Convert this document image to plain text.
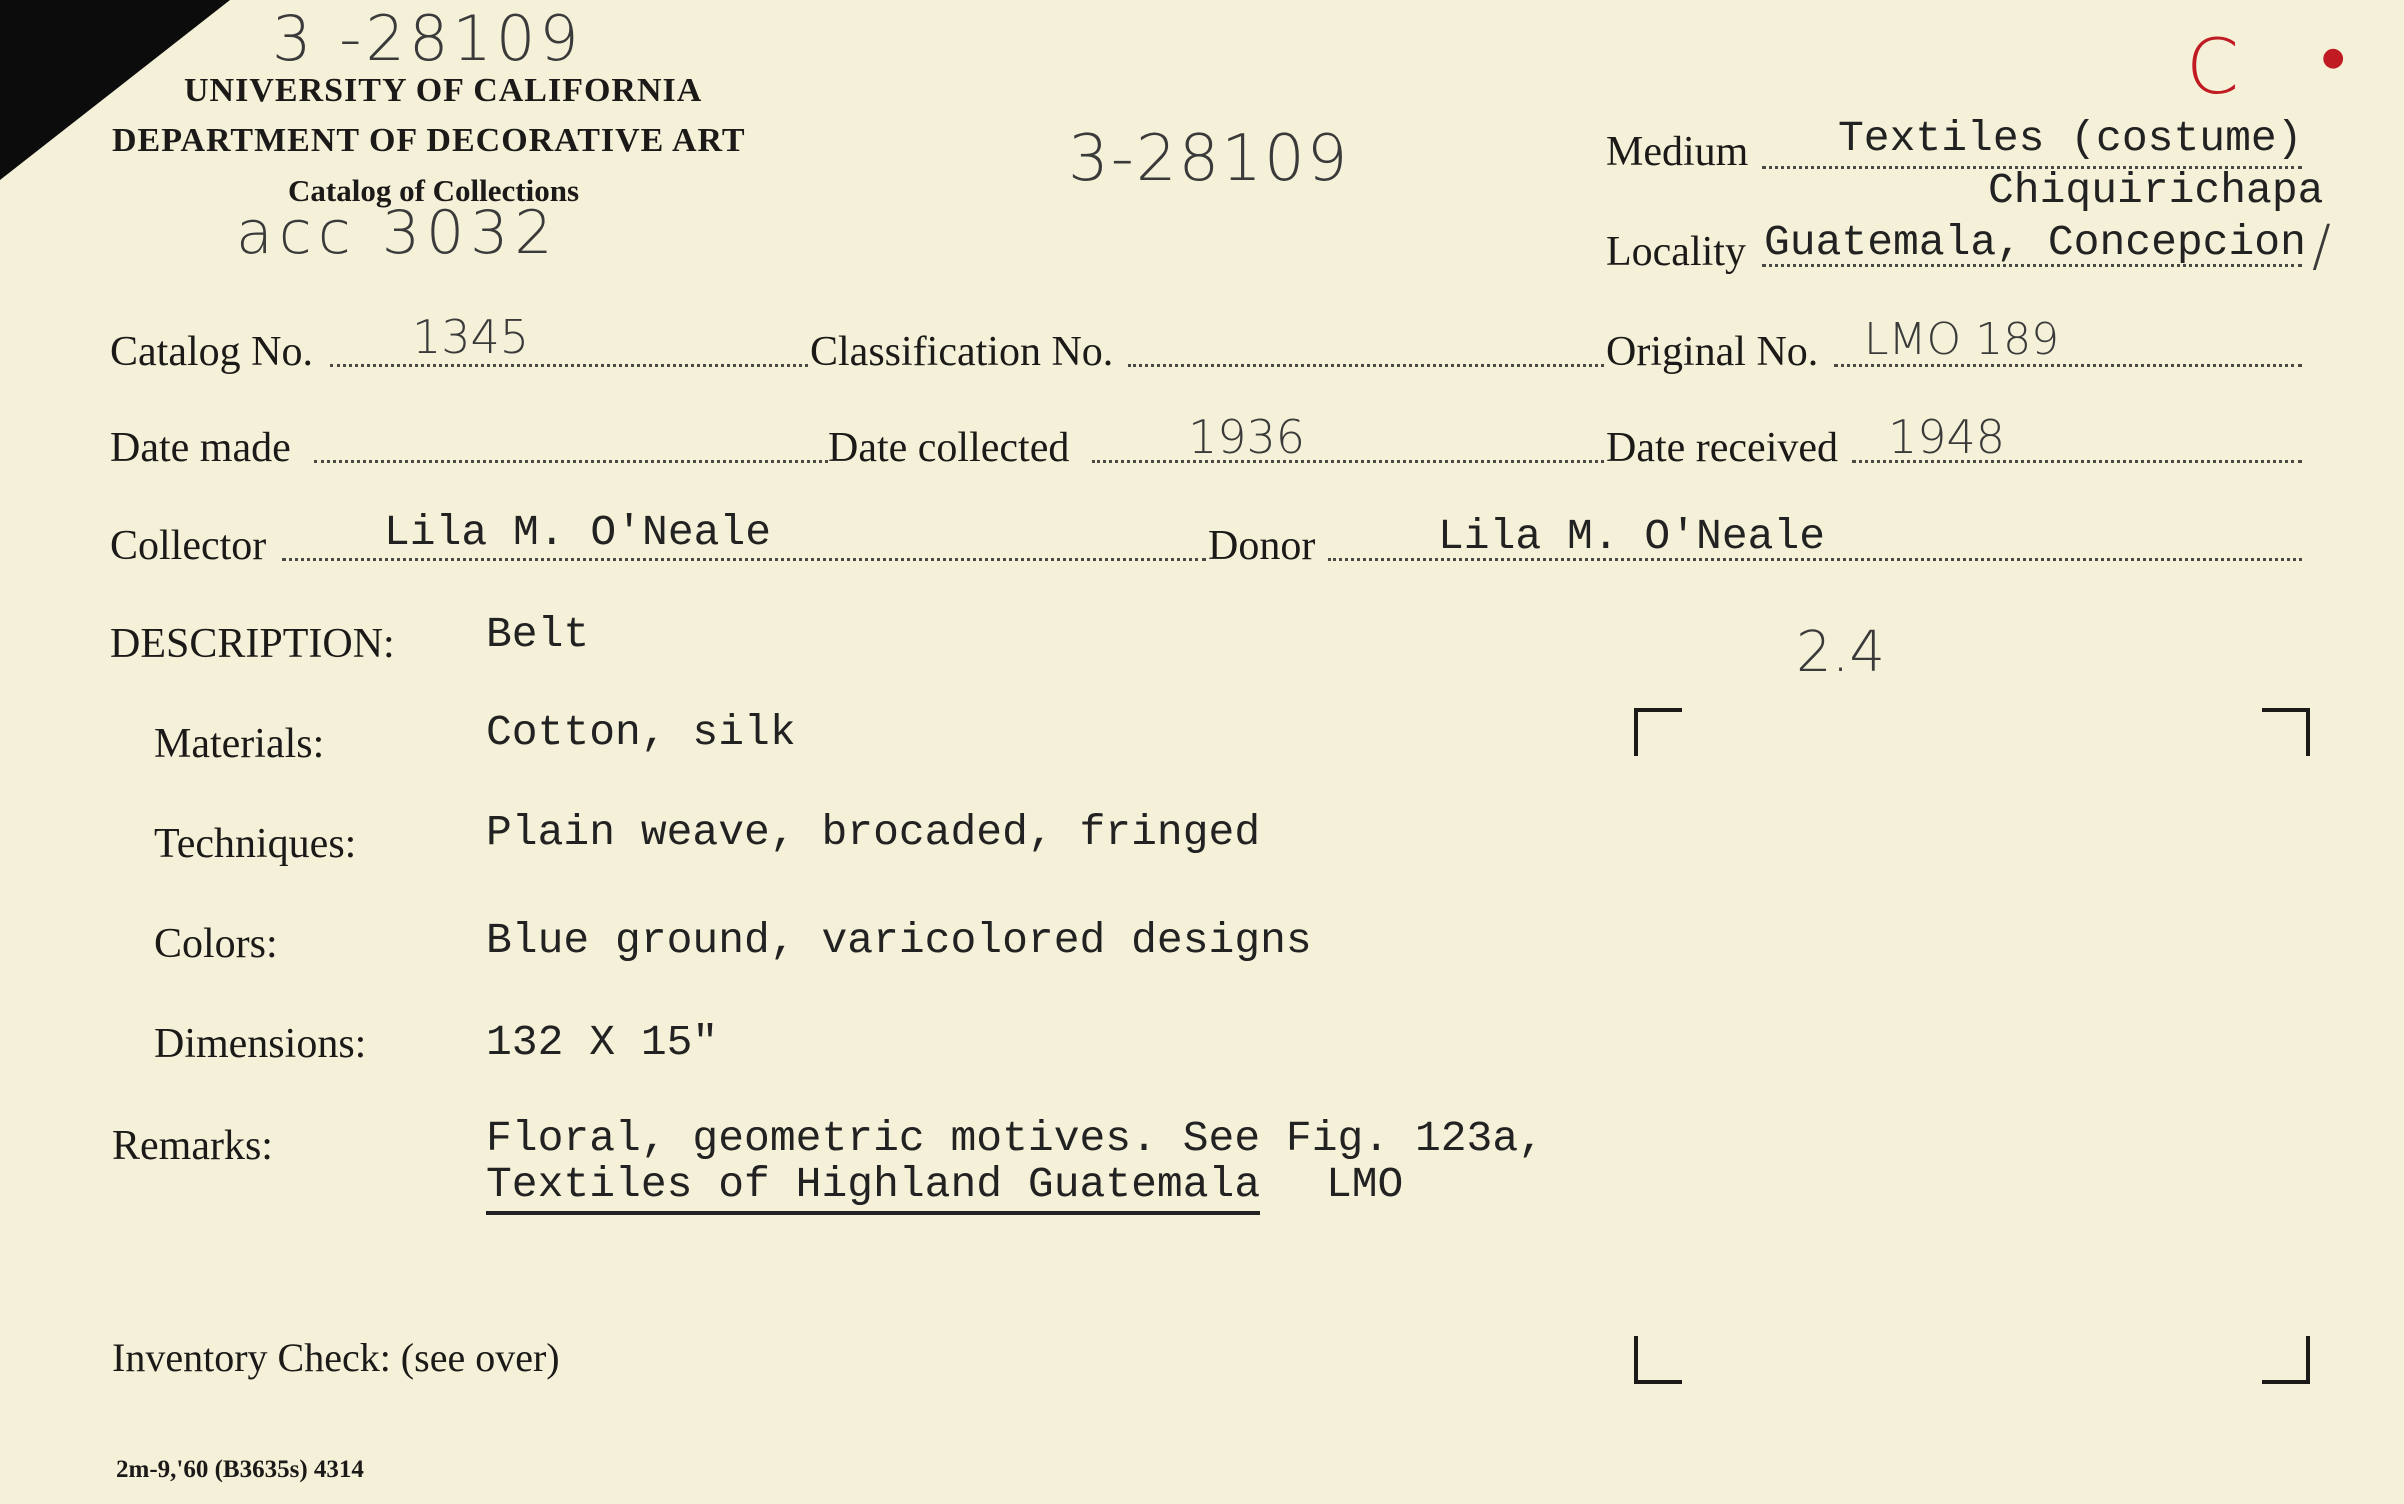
3 -28109
UNIVERSITY OF CALIFORNIA
DEPARTMENT OF DECORATIVE ART
Catalog of Collections
acc 3032
3-28109
C ●
Medium Textiles (costume)
Chiquirichapa
Locality Guatemala, Concepcion /
Catalog No. 1345	Classification No.	Original No. LMO 189
Date made	Date collected	1936	Date received 1948
Collector	Lila M. O'Neale	Donor	Lila M. O'Neale
DESCRIPTION: Belt	2.4
Materials:	Cotton, silk
Techniques:	Plain weave, brocaded, fringed
Colors:	Blue ground, varicolored designs
Dimensions:	132 X 15"
Remarks:	Floral, geometric motives. See Fig. 123a,
Textiles of Highland Guatemala LMO
Inventory Check: (see over)
2m-9,'60 (B3635s) 4314
